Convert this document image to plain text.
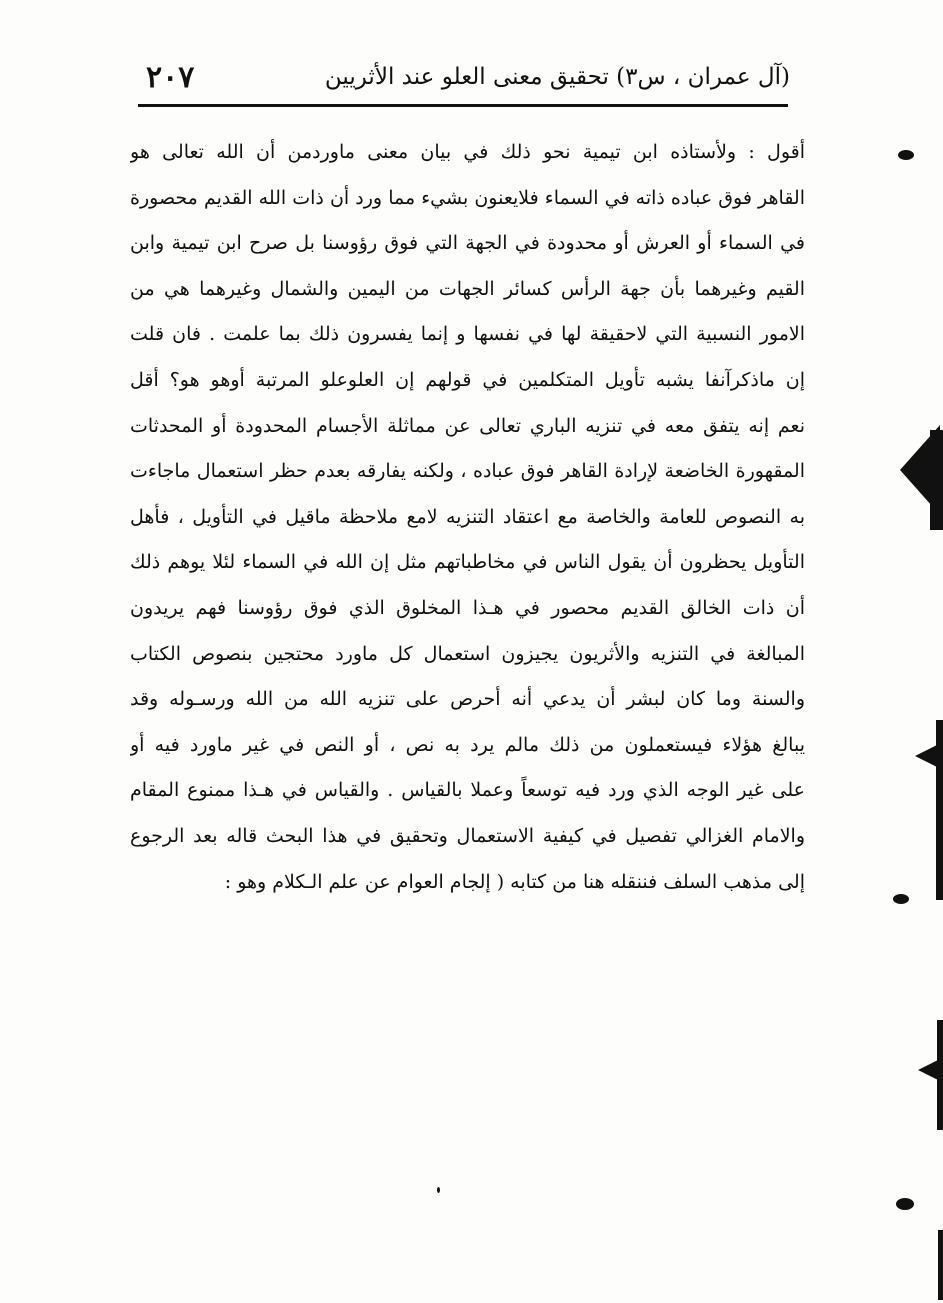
(آل عمران ، س٣) تحقيق معنى العلو عند الأثريين
٢٠٧
أقول : ولأستاذه ابن تيمية نحو ذلك في بيان معنى ماوردمن أن الله تعالى هو
القاهر فوق عباده ذاته في السماء فلايعنون بشيء مما ورد أن ذات الله القديم محصورة
في السماء أو العرش أو محدودة في الجهة التي فوق رؤوسنا بل صرح ابن تيمية وابن
القيم وغيرهما بأن جهة الرأس كسائر الجهات من اليمين والشمال وغيرهما هي من
الامور النسبية التي لاحقيقة لها في نفسها و إنما يفسرون ذلك بما علمت . فان قلت
إن ماذكرآنفا يشبه تأويل المتكلمين في قولهم إن العلوعلو المرتبة أوهو هو؟ أقل
نعم إنه يتفق معه في تنزيه الباري تعالى عن مماثلة الأجسام المحدودة أو المحدثات
المقهورة الخاضعة لإرادة القاهر فوق عباده ، ولكنه يفارقه بعدم حظر استعمال ماجاءت
به النصوص للعامة والخاصة مع اعتقاد التنزيه لامع ملاحظة ماقيل في التأويل ، فأهل
التأويل يحظرون أن يقول الناس في مخاطباتهم مثل إن الله في السماء لئلا يوهم ذلك
أن ذات الخالق القديم محصور في هـذا المخلوق الذي فوق رؤوسنا فهم يريدون
المبالغة في التنزيه والأثريون يجيزون استعمال كل ماورد محتجين بنصوص الكتاب
والسنة وما كان لبشر أن يدعي أنه أحرص على تنزيه الله من الله ورسـوله وقد
يبالغ هؤلاء فيستعملون من ذلك مالم يرد به نص ، أو النص في غير ماورد فيه أو
على غير الوجه الذي ورد فيه توسعاً وعملا بالقياس . والقياس في هـذا ممنوع المقام
والامام الغزالي تفصيل في كيفية الاستعمال وتحقيق في هذا البحث قاله بعد الرجوع
إلى مذهب السلف فننقله هنا من كتابه ( إلجام العوام عن علم الـكلام وهو :
